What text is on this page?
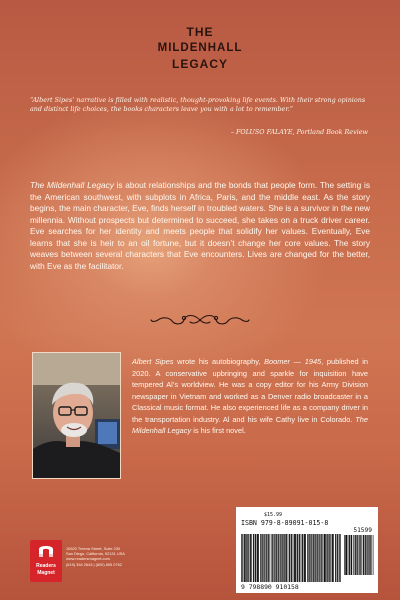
THE
MILDENHALL
LEGACY
“Albert Sipes’ narrative is filled with realistic, thought-provoking life events. With their strong opinions and distinct life choices, the books characters leave you with a lot to remember.”
– FOLUSO FALAYE, Portland Book Review

The Mildenhall Legacy is about relationships and the bonds that people form. The setting is the American southwest, with subplots in Africa, Paris, and the middle east. As the story begins, the main character, Eve, finds herself in troubled waters. She is a survivor in the new millennia. Without prospects but determined to succeed, she takes on a truck driver career. Eve searches for her identity and meets people that solidify her values. Eventually, Eve learns that she is heir to an oil fortune, but it doesn’t change her core values. The story weaves between several characters that Eve encounters. Lives are changed for the better, with Eve as the facilitator.

Albert Sipes wrote his autobiography, Boomer — 1945, published in 2020. A conservative upbringing and sparkle for inquisition have tempered Al’s worldview. He was a copy editor for his Army Division newspaper in Vietnam and worked as a Denver radio broadcaster in a Classical music format. He also experienced life as a company driver in the transportation industry. Al and his wife Cathy live in Colorado. The Mildenhall Legacy is his first novel.

$15.99
ISBN 979-8-89091-015-8
51599
9 798890 910158
Readers
Magnet
10620 Treena Street, Suite 230
San Diego, California, 92131 USA
www.readersmagnet.com
(619) 354 2643 | (800) 805 0762
